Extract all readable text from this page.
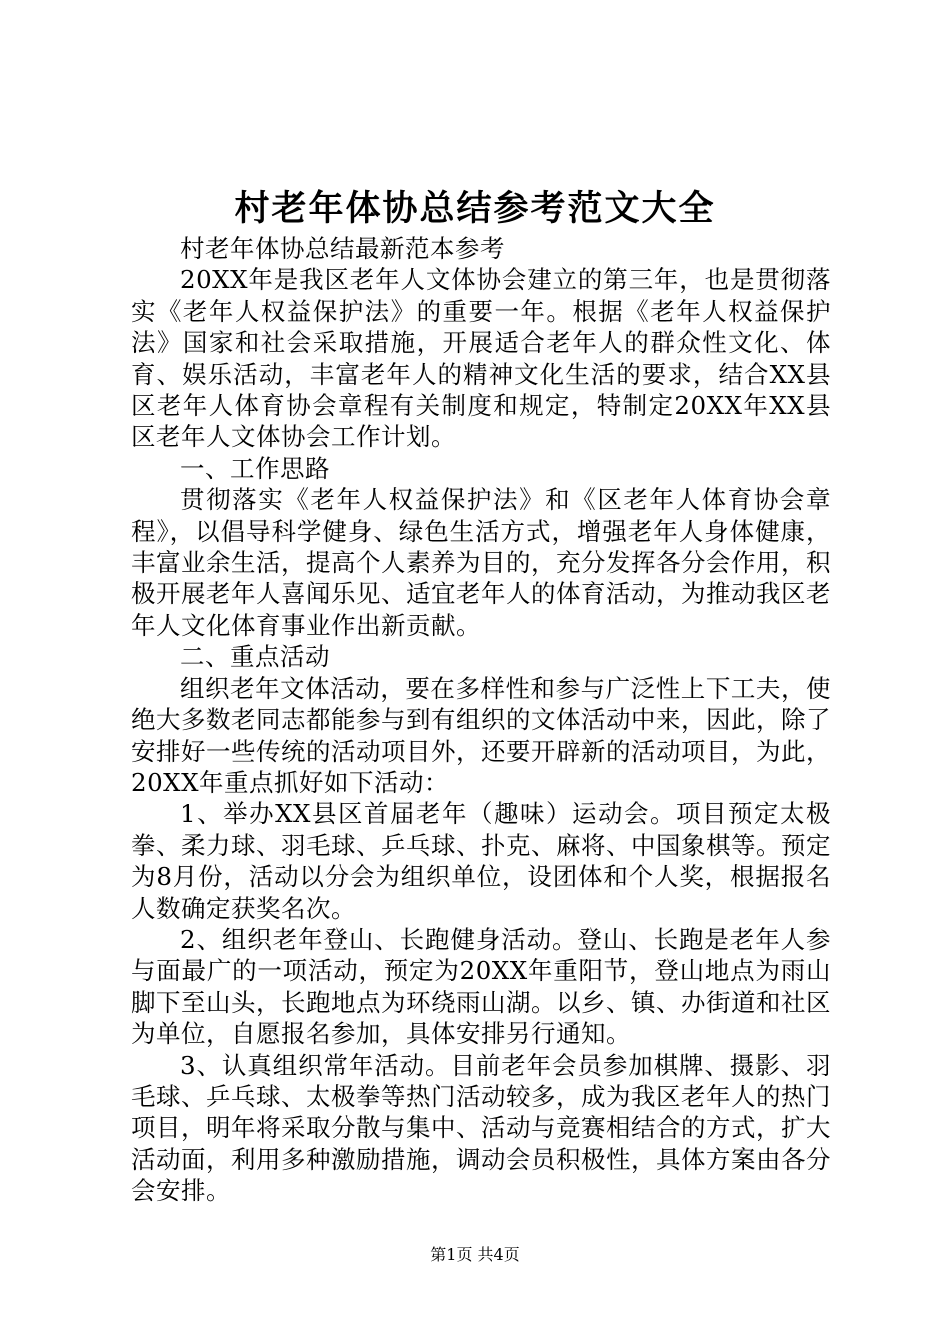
村老年体协总结参考范文大全

村老年体协总结最新范本参考

20XX年是我区老年人文体协会建立的第三年，也是贯彻落实《老年人权益保护法》的重要一年。根据《老年人权益保护法》国家和社会采取措施，开展适合老年人的群众性文化、体育、娱乐活动，丰富老年人的精神文化生活的要求，结合XX县区老年人体育协会章程有关制度和规定，特制定20XX年XX县区老年人文体协会工作计划。

一、工作思路

贯彻落实《老年人权益保护法》和《区老年人体育协会章程》，以倡导科学健身、绿色生活方式，增强老年人身体健康，丰富业余生活，提高个人素养为目的，充分发挥各分会作用，积极开展老年人喜闻乐见、适宜老年人的体育活动，为推动我区老年人文化体育事业作出新贡献。

二、重点活动

组织老年文体活动，要在多样性和参与广泛性上下工夫，使绝大多数老同志都能参与到有组织的文体活动中来，因此，除了安排好一些传统的活动项目外，还要开辟新的活动项目，为此，20XX年重点抓好如下活动：

1、举办XX县区首届老年（趣味）运动会。项目预定太极拳、柔力球、羽毛球、乒乓球、扑克、麻将、中国象棋等。预定为8月份，活动以分会为组织单位，设团体和个人奖，根据报名人数确定获奖名次。

2、组织老年登山、长跑健身活动。登山、长跑是老年人参与面最广的一项活动，预定为20XX年重阳节，登山地点为雨山脚下至山头，长跑地点为环绕雨山湖。以乡、镇、办街道和社区为单位，自愿报名参加，具体安排另行通知。

3、认真组织常年活动。目前老年会员参加棋牌、摄影、羽毛球、乒乓球、太极拳等热门活动较多，成为我区老年人的热门项目，明年将采取分散与集中、活动与竞赛相结合的方式，扩大活动面，利用多种激励措施，调动会员积极性，具体方案由各分会安排。

第1页 共4页
